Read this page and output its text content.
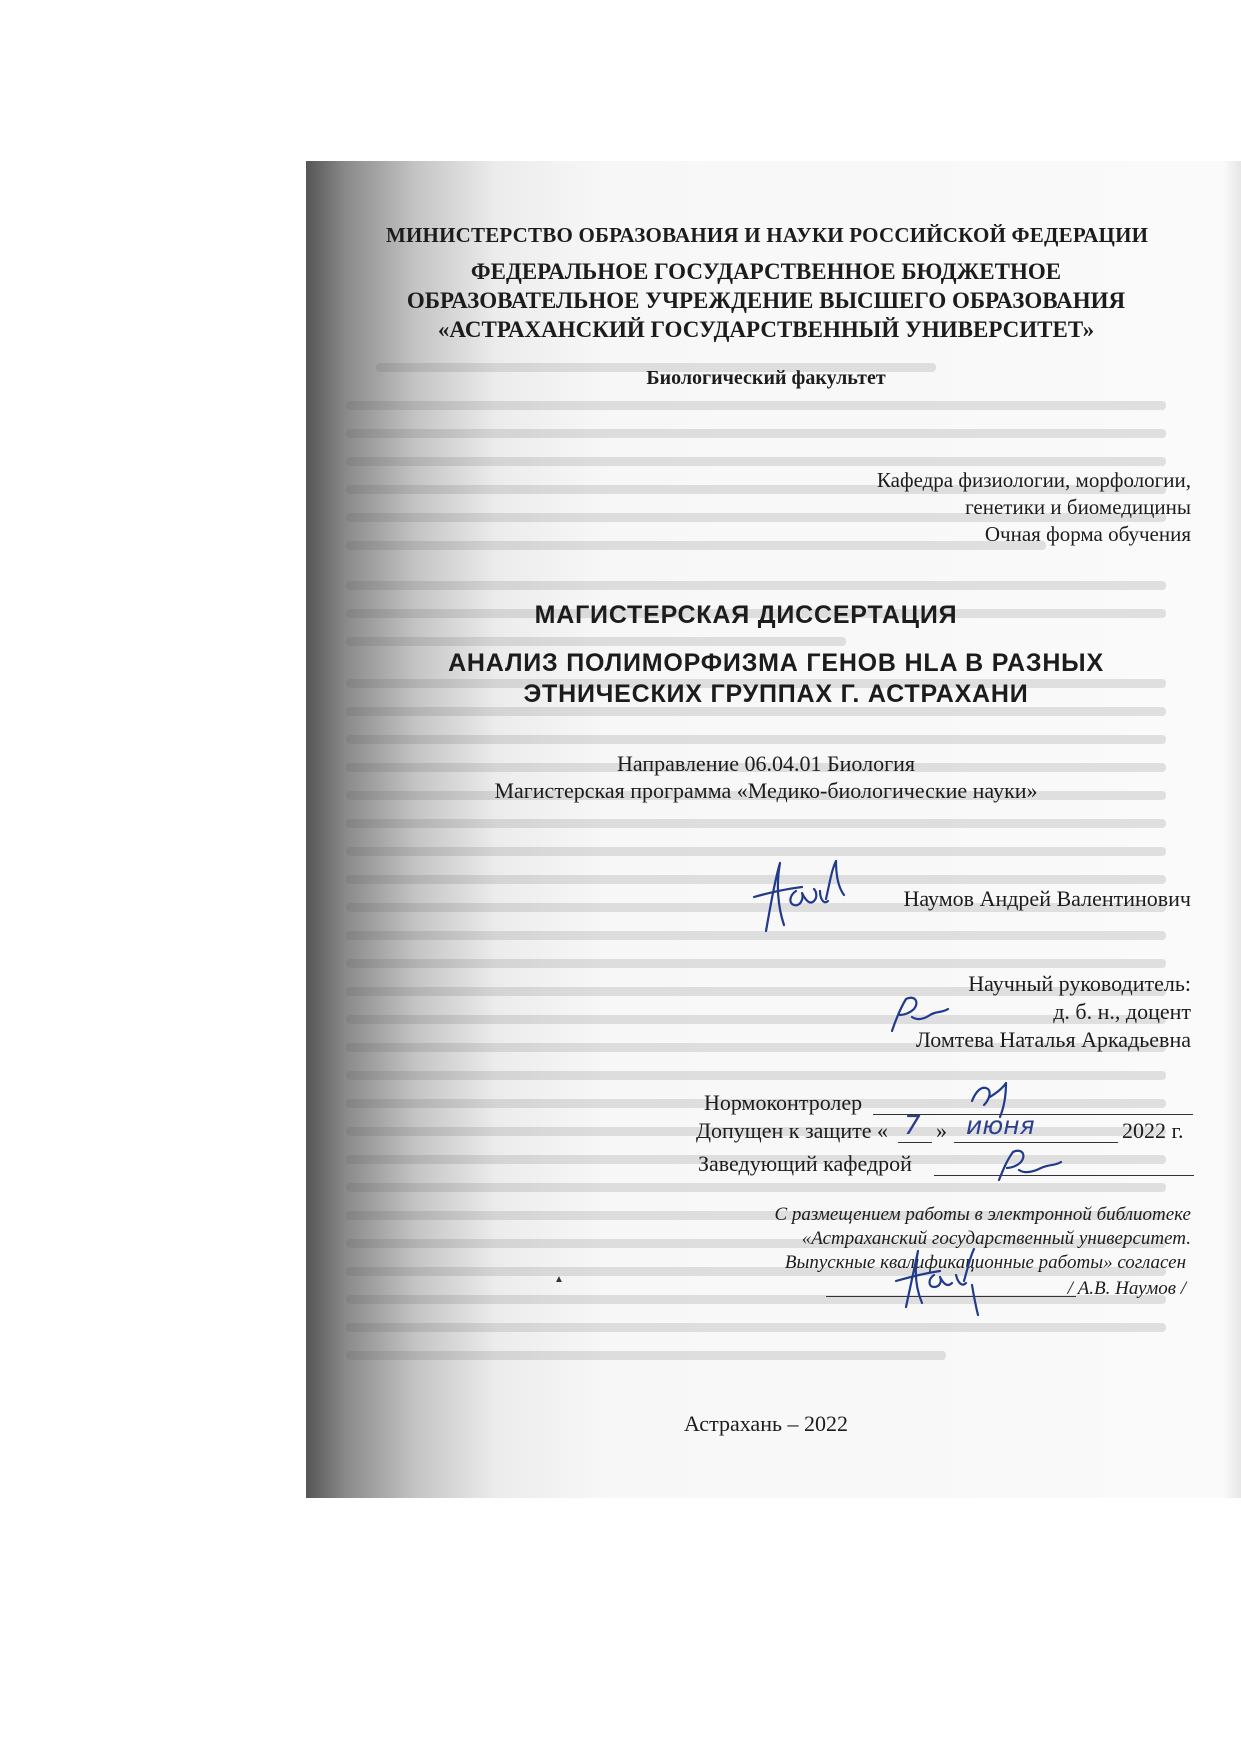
МИНИСТЕРСТВО ОБРАЗОВАНИЯ И НАУКИ РОССИЙСКОЙ ФЕДЕРАЦИИ
ФЕДЕРАЛЬНОЕ ГОСУДАРСТВЕННОЕ БЮДЖЕТНОЕ
ОБРАЗОВАТЕЛЬНОЕ УЧРЕЖДЕНИЕ ВЫСШЕГО ОБРАЗОВАНИЯ
«АСТРАХАНСКИЙ ГОСУДАРСТВЕННЫЙ УНИВЕРСИТЕТ»
Биологический факультет
Кафедра физиологии, морфологии,
генетики и биомедицины
Очная форма обучения
МАГИСТЕРСКАЯ ДИССЕРТАЦИЯ
АНАЛИЗ ПОЛИМОРФИЗМА ГЕНОВ HLA В РАЗНЫХ
ЭТНИЧЕСКИХ ГРУППАХ Г. АСТРАХАНИ
Направление 06.04.01 Биология
Магистерская программа «Медико-биологические науки»
Наумов Андрей Валентинович
Научный руководитель:
д. б. н., доцент
Ломтева Наталья Аркадьевна
Нормоконтролер
Допущен к защите « 7 » июня	2022 г.
Заведующий кафедрой
С размещением работы в электронной библиотеке
«Астраханский государственный университет.
Выпускные квалификационные работы» согласен
/ А.В. Наумов /
▲
Астрахань – 2022
